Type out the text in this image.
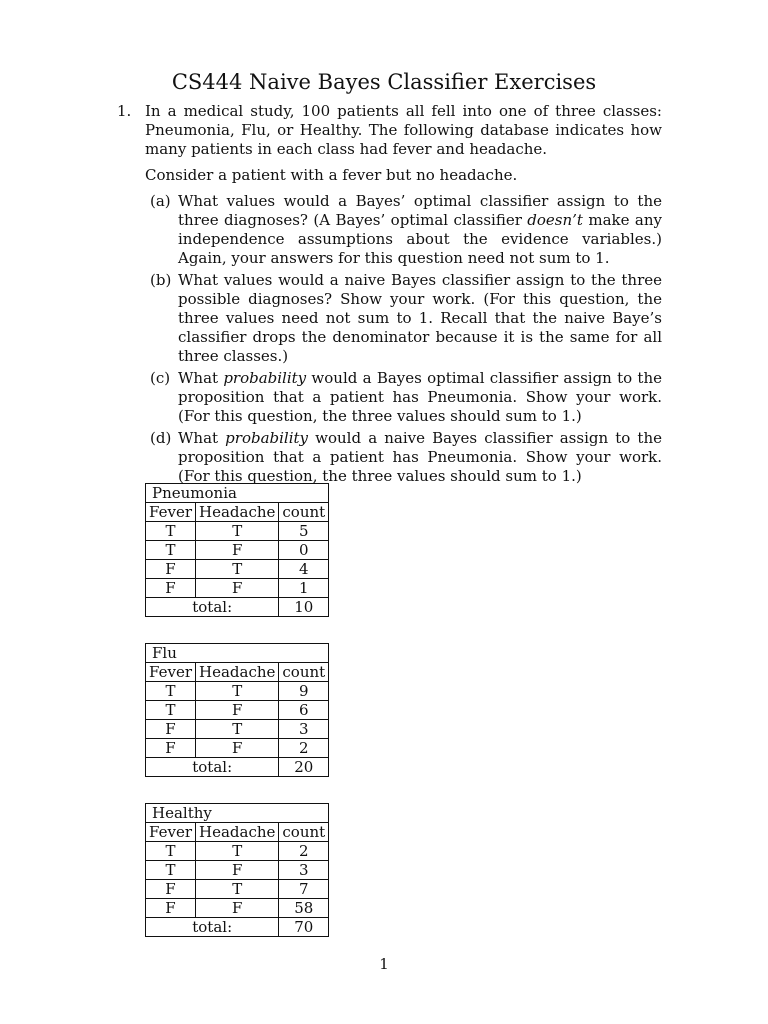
CS444 Naive Bayes Classifier Exercises
1. In a medical study, 100 patients all fell into one of three classes: Pneumonia, Flu, or Healthy. The following database indicates how many patients in each class had fever and headache.

Consider a patient with a fever but no headache.

(a) What values would a Bayes’ optimal classifier assign to the three diagnoses? (A Bayes’ optimal classifier doesn’t make any independence assumptions about the evidence variables.) Again, your answers for this question need not sum to 1.
(b) What values would a naive Bayes classifier assign to the three possible diagnoses? Show your work. (For this question, the three values need not sum to 1. Recall that the naive Baye’s classifier drops the denominator because it is the same for all three classes.)
(c) What probability would a Bayes optimal classifier assign to the proposition that a patient has Pneumonia. Show your work. (For this question, the three values should sum to 1.)
(d) What probability would a naive Bayes classifier assign to the proposition that a patient has Pneumonia. Show your work. (For this question, the three values should sum to 1.)
Pneumonia		
Fever	Headache	count
T	T	5
T	F	0
F	T	4
F	F	1
total:		10
Flu		
Fever	Headache	count
T	T	9
T	F	6
F	T	3
F	F	2
total:		20
Healthy		
Fever	Headache	count
T	T	2
T	F	3
F	T	7
F	F	58
total:		70
1
